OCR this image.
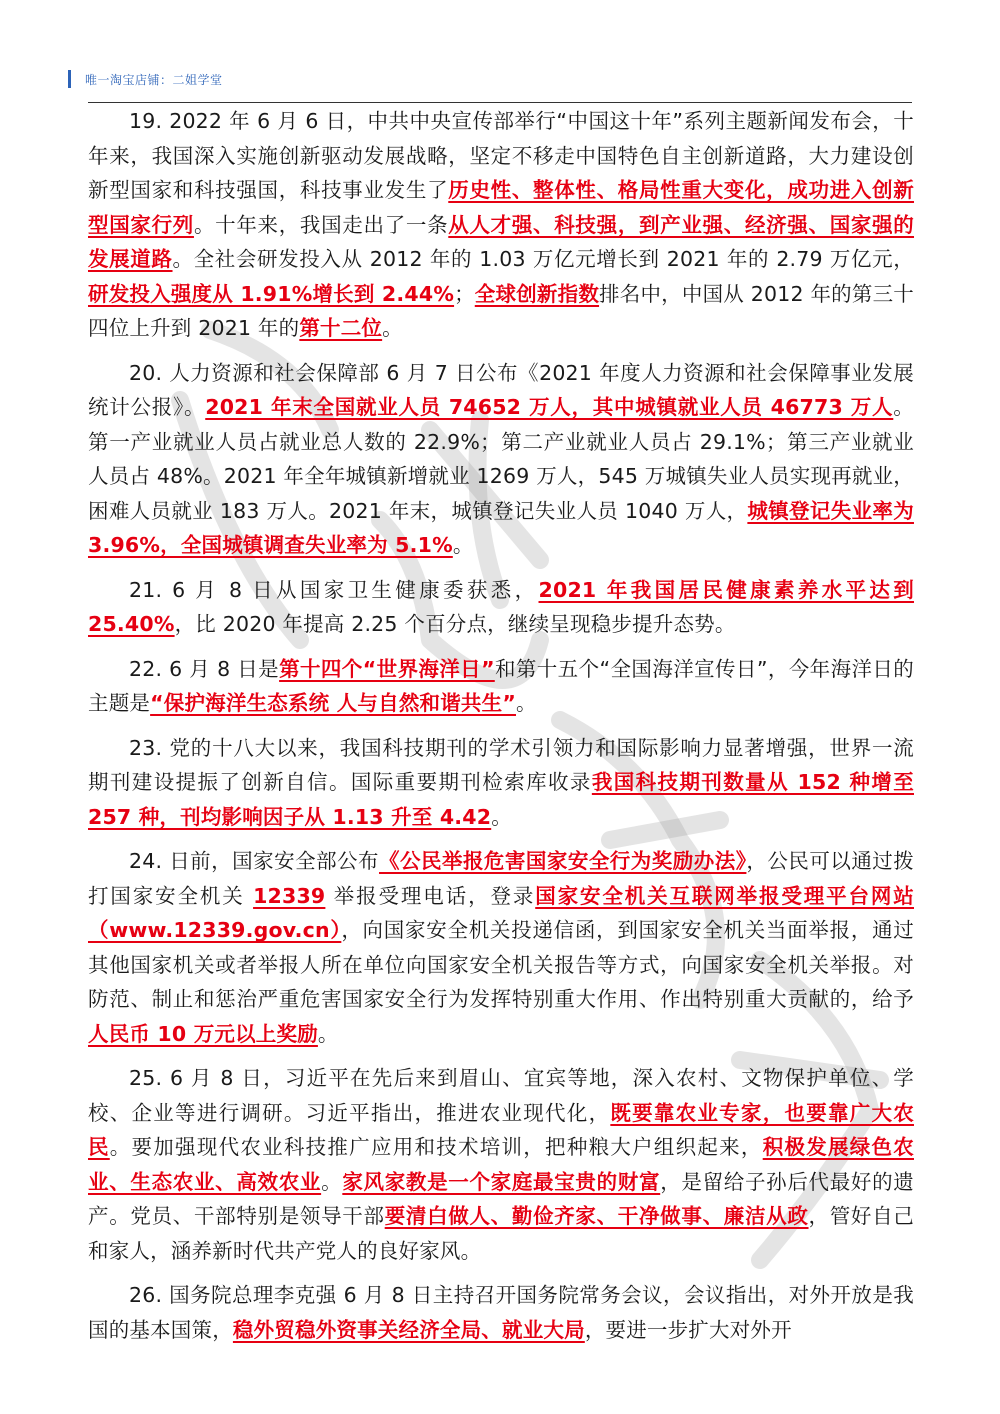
唯一淘宝店铺：二姐学堂

19. 2022 年 6 月 6 日，中共中央宣传部举行“中国这十年”系列主题新闻发布会，十年来，我国深入实施创新驱动发展战略，坚定不移走中国特色自主创新道路，大力建设创新型国家和科技强国，科技事业发生了历史性、整体性、格局性重大变化，成功进入创新型国家行列。十年来，我国走出了一条从人才强、科技强，到产业强、经济强、国家强的发展道路。全社会研发投入从 2012 年的 1.03 万亿元增长到 2021 年的 2.79 万亿元，研发投入强度从 1.91%增长到 2.44%；全球创新指数排名中，中国从 2012 年的第三十四位上升到 2021 年的第十二位。

20. 人力资源和社会保障部 6 月 7 日公布《2021 年度人力资源和社会保障事业发展统计公报》。2021 年末全国就业人员 74652 万人，其中城镇就业人员 46773 万人。第一产业就业人员占就业总人数的 22.9%；第二产业就业人员占 29.1%；第三产业就业人员占 48%。2021 年全年城镇新增就业 1269 万人，545 万城镇失业人员实现再就业，困难人员就业 183 万人。2021 年末，城镇登记失业人员 1040 万人，城镇登记失业率为 3.96%，全国城镇调查失业率为 5.1%。

21. 6 月 8 日从国家卫生健康委获悉，2021 年我国居民健康素养水平达到 25.40%，比 2020 年提高 2.25 个百分点，继续呈现稳步提升态势。

22. 6 月 8 日是第十四个“世界海洋日”和第十五个“全国海洋宣传日”，今年海洋日的主题是“保护海洋生态系统 人与自然和谐共生”。

23. 党的十八大以来，我国科技期刊的学术引领力和国际影响力显著增强，世界一流期刊建设提振了创新自信。国际重要期刊检索库收录我国科技期刊数量从 152 种增至 257 种，刊均影响因子从 1.13 升至 4.42。

24. 日前，国家安全部公布《公民举报危害国家安全行为奖励办法》，公民可以通过拨打国家安全机关 12339 举报受理电话，登录国家安全机关互联网举报受理平台网站（www.12339.gov.cn），向国家安全机关投递信函，到国家安全机关当面举报，通过其他国家机关或者举报人所在单位向国家安全机关报告等方式，向国家安全机关举报。对防范、制止和惩治严重危害国家安全行为发挥特别重大作用、作出特别重大贡献的，给予人民币 10 万元以上奖励。

25. 6 月 8 日，习近平在先后来到眉山、宜宾等地，深入农村、文物保护单位、学校、企业等进行调研。习近平指出，推进农业现代化，既要靠农业专家，也要靠广大农民。要加强现代农业科技推广应用和技术培训，把种粮大户组织起来，积极发展绿色农业、生态农业、高效农业。家风家教是一个家庭最宝贵的财富，是留给子孙后代最好的遗产。党员、干部特别是领导干部要清白做人、勤俭齐家、干净做事、廉洁从政，管好自己和家人，涵养新时代共产党人的良好家风。

26. 国务院总理李克强 6 月 8 日主持召开国务院常务会议，会议指出，对外开放是我国的基本国策，稳外贸稳外资事关经济全局、就业大局，要进一步扩大对外开
